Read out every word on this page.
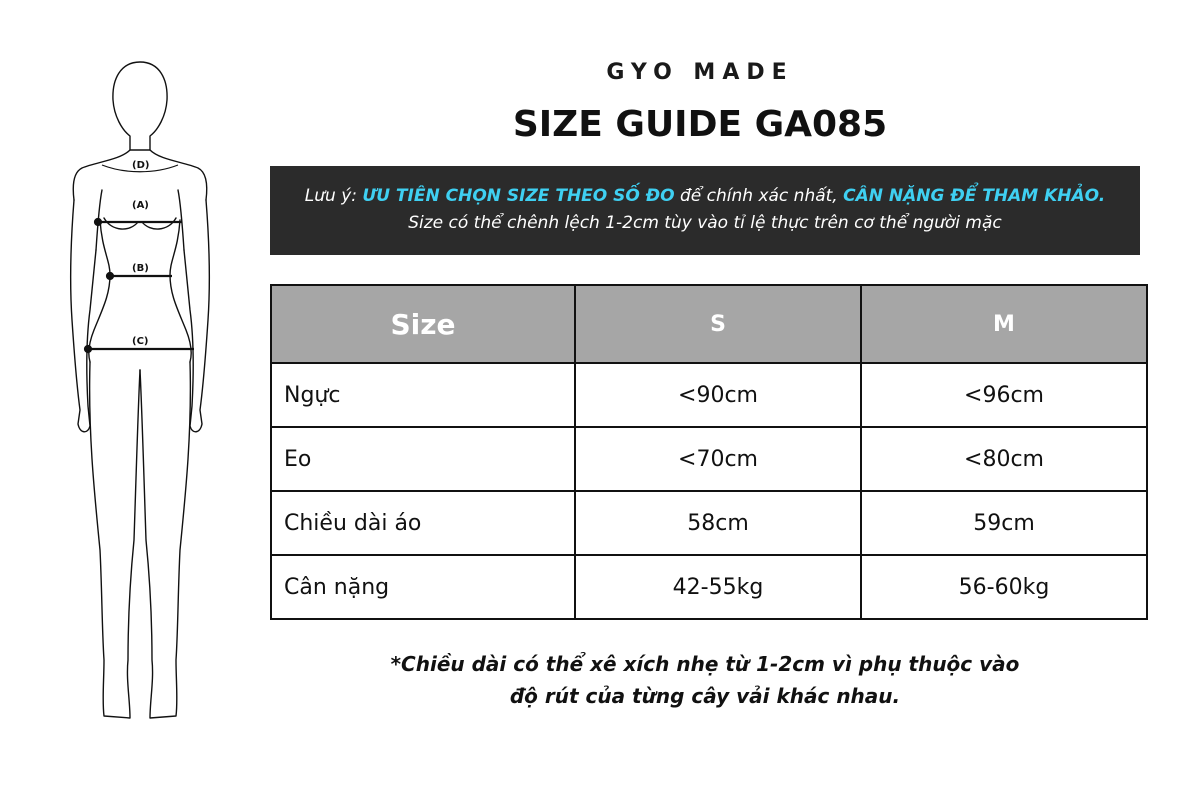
(D)
(A)
(B)
(C)
GYO MADE
SIZE GUIDE GA085
Lưu ý: ƯU TIÊN CHỌN SIZE THEO SỐ ĐO để chính xác nhất, CÂN NẶNG ĐỂ THAM KHẢO.
Size có thể chênh lệch 1-2cm tùy vào tỉ lệ thực trên cơ thể người mặc
Size	S	M
Ngực	<90cm	<96cm
Eo	<70cm	<80cm
Chiều dài áo	58cm	59cm
Cân nặng	42-55kg	56-60kg
*Chiều dài có thể xê xích nhẹ từ 1-2cm vì phụ thuộc vào
độ rút của từng cây vải khác nhau.
